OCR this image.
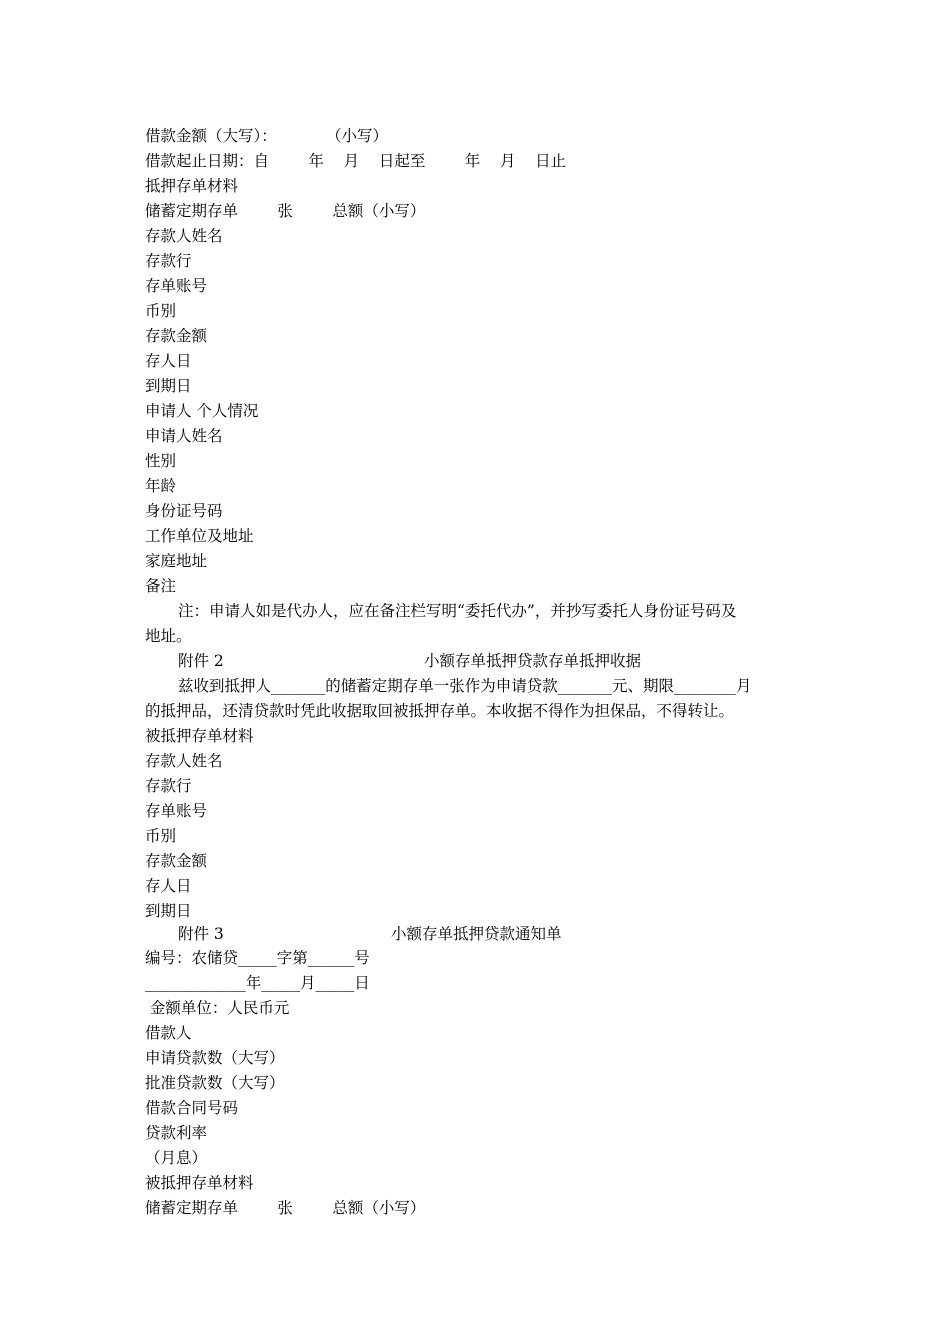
借款金额（大写）：          （小写）
借款起止日期：自        年    月    日起至        年    月    日止
抵押存单材料
储蓄定期存单        张        总额（小写）
存款人姓名
存款行
存单账号
币别
存款金额
存人日
到期日
申请人 个人情况
申请人姓名
性别
年龄
身份证号码
工作单位及地址
家庭地址
备注
注：申请人如是代办人，应在备注栏写明“委托代办”，并抄写委托人身份证号码及
地址。
附件 2	小额存单抵押贷款存单抵押收据
兹收到抵押人_______的储蓄定期存单一张作为申请贷款_______元、期限________月
的抵押品，还清贷款时凭此收据取回被抵押存单。本收据不得作为担保品，不得转让。
被抵押存单材料
存款人姓名
存款行
存单账号
币别
存款金额
存人日
到期日
附件 3	小额存单抵押贷款通知单
编号：农储贷_____字第______号
_____________年_____月_____日
金额单位：人民币元
借款人
申请贷款数（大写）
批准贷款数（大写）
借款合同号码
贷款利率
（月息）
被抵押存单材料
储蓄定期存单        张        总额（小写）
